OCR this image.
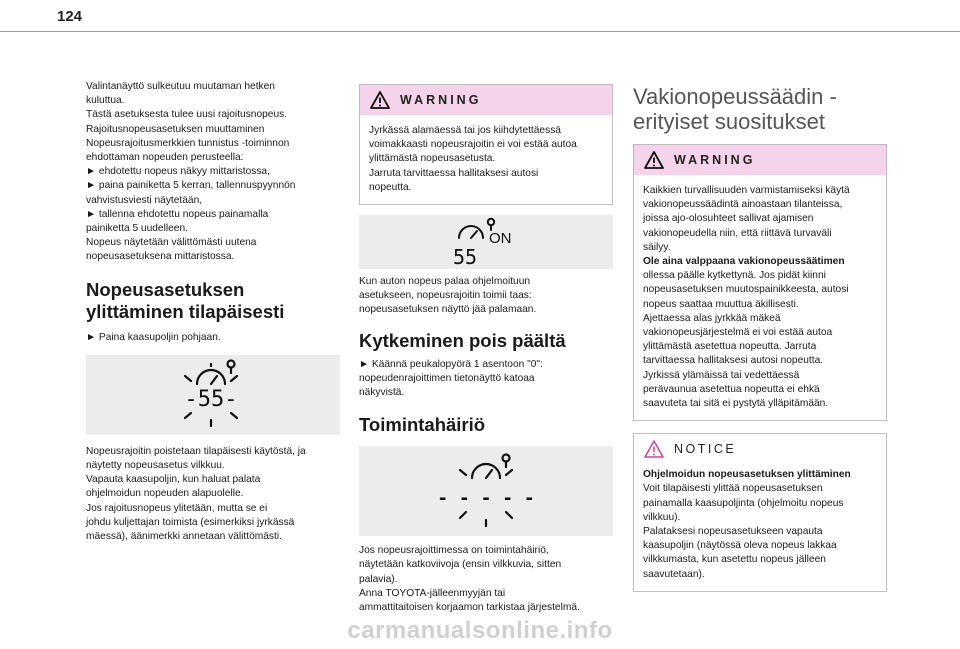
124
Valintanäyttö sulkeutuu muutaman hetken
kuluttua.
Tästä asetuksesta tulee uusi rajoitusnopeus.
Rajoitusnopeusasetuksen muuttaminen
Nopeusrajoitusmerkkien tunnistus -toiminnon
ehdottaman nopeuden perusteella:
► ehdotettu nopeus näkyy mittaristossa,
► paina painiketta 5 kerran, tallennuspyynnön
vahvistusviesti näytetään,
► tallenna ehdotettu nopeus painamalla
painiketta 5 uudelleen.
Nopeus näytetään välittömästi uutena
nopeusasetuksena mittaristossa.
Nopeusasetuksen
ylittäminen tilapäisesti
► Paina kaasupoljin pohjaan.
-55-
Nopeusrajoitin poistetaan tilapäisesti käytöstä, ja
näytetty nopeusasetus vilkkuu.
Vapauta kaasupoljin, kun haluat palata
ohjelmoidun nopeuden alapuolelle.
Jos rajoitusnopeus ylitetään, mutta se ei
johdu kuljettajan toimista (esimerkiksi jyrkässä
mäessä), äänimerkki annetaan välittömästi.
WARNING
Jyrkässä alamäessä tai jos kiihdytettäessä
voimakkaasti nopeusrajoitin ei voi estää autoa
ylittämästä nopeusasetusta.
Jarruta tarvittaessa hallitaksesi autosi
nopeutta.
ON
55
Kun auton nopeus palaa ohjelmoituun
asetukseen, nopeusrajoitin toimii taas:
nopeusasetuksen näyttö jää palamaan.
Kytkeminen pois päältä
► Käännä peukalopyörä 1 asentoon "0":
nopeudenrajoittimen tietonäyttö katoaa
näkyvistä.
Toimintahäiriö
- - - - -
Jos nopeusrajoittimessa on toimintahäiriö,
näytetään katkoviivoja (ensin vilkkuvia, sitten
palavia).
Anna TOYOTA-jälleenmyyjän tai
ammattitaitoisen korjaamon tarkistaa järjestelmä.
Vakionopeussäädin -
erityiset suositukset
WARNING
Kaikkien turvallisuuden varmistamiseksi käytä
vakionopeussäädintä ainoastaan tilanteissa,
joissa ajo-olosuhteet sallivat ajamisen
vakionopeudella niin, että riittävä turvaväli
säilyy.
Ole aina valppaana vakionopeussäätimen
ollessa päälle kytkettynä. Jos pidät kiinni
nopeusasetuksen muutospainikkeesta, autosi
nopeus saattaa muuttua äkillisesti.
Ajettaessa alas jyrkkää mäkeä
vakionopeusjärjestelmä ei voi estää autoa
ylittämästä asetettua nopeutta. Jarruta
tarvittaessa hallitaksesi autosi nopeutta.
Jyrkissä ylämäissä tai vedettäessä
perävaunua asetettua nopeutta ei ehkä
saavuteta tai sitä ei pystytä ylläpitämään.
NOTICE
Ohjelmoidun nopeusasetuksen ylittäminen
Voit tilapäisesti ylittää nopeusasetuksen
painamalla kaasupoljinta (ohjelmoitu nopeus
vilkkuu).
Palataksesi nopeusasetukseen vapauta
kaasupoljin (näytössä oleva nopeus lakkaa
vilkkumasta, kun asetettu nopeus jälleen
saavutetaan).
carmanualsonline.info
